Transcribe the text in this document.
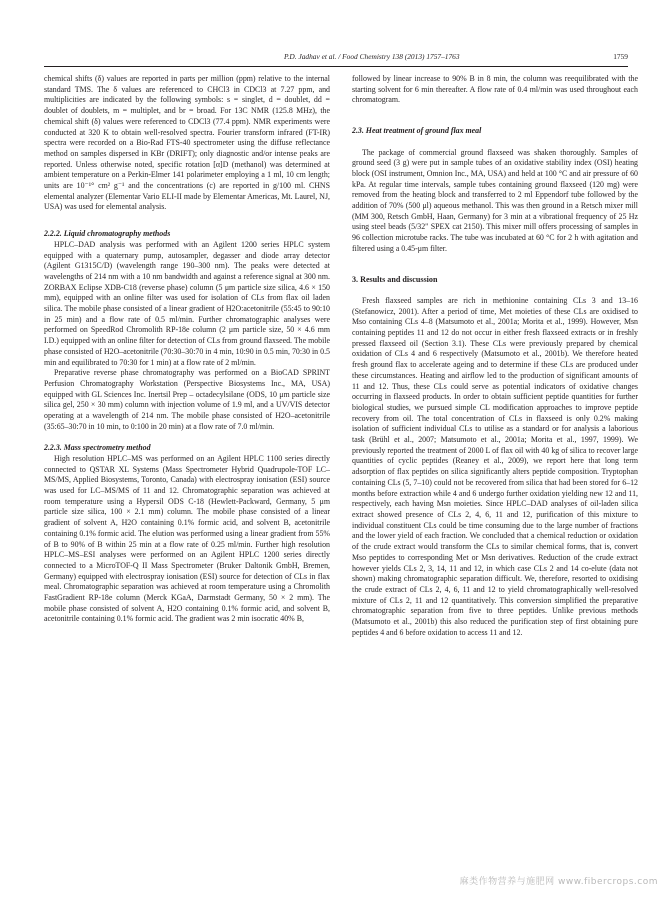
P.D. Jadhav et al. / Food Chemistry 138 (2013) 1757–1763	1759

chemical shifts (δ) values are reported in parts per million (ppm) relative to the internal standard TMS. The δ values are referenced to CHCl3 in CDCl3 at 7.27 ppm, and multiplicities are indicated by the following symbols: s = singlet, d = doublet, dd = doublet of doublets, m = multiplet, and br = broad. For 13C NMR (125.8 MHz), the chemical shift (δ) values were referenced to CDCl3 (77.4 ppm). NMR experiments were conducted at 320 K to obtain well-resolved spectra. Fourier transform infrared (FT-IR) spectra were recorded on a Bio-Rad FTS-40 spectrometer using the diffuse reflectance method on samples dispersed in KBr (DRIFT); only diagnostic and/or intense peaks are reported. Unless otherwise noted, specific rotation [α]D (methanol) was determined at ambient temperature on a Perkin-Elmer 141 polarimeter employing a 1 ml, 10 cm length; units are 10⁻¹° cm² g⁻¹ and the concentrations (c) are reported in g/100 ml. CHNS elemental analyzer (Elementar Vario ELI-II made by Elementar Americas, Mt. Laurel, NJ, USA) was used for elemental analysis.

2.2.2. Liquid chromatography methods

HPLC–DAD analysis was performed with an Agilent 1200 series HPLC system equipped with a quaternary pump, autosampler, degasser and diode array detector (Agilent G1315C/D) (wavelength range 190–300 nm). The peaks were detected at wavelengths of 214 nm with a 10 nm bandwidth and against a reference signal at 300 nm. ZORBAX Eclipse XDB-C18 (reverse phase) column (5 μm particle size silica, 4.6 × 150 mm), equipped with an online filter was used for isolation of CLs from flax oil laden silica. The mobile phase consisted of a linear gradient of H2O:acetonitrile (55:45 to 90:10 in 25 min) and a flow rate of 0.5 ml/min. Further chromatographic analyses were performed on SpeedRod Chromolith RP-18e column (2 μm particle size, 50 × 4.6 mm I.D.) equipped with an online filter for detection of CLs from ground flaxseed. The mobile phase consisted of H2O–acetonitrile (70:30–30:70 in 4 min, 10:90 in 0.5 min, 70:30 in 0.5 min and equilibrated to 70:30 for 1 min) at a flow rate of 2 ml/min.

Preparative reverse phase chromatography was performed on a BioCAD SPRINT Perfusion Chromatography Workstation (Perspective Biosystems Inc., MA, USA) equipped with GL Sciences Inc. Inertsil Prep – octadecylsilane (ODS, 10 μm particle size silica gel, 250 × 30 mm) column with injection volume of 1.9 ml, and a UV/VIS detector operating at a wavelength of 214 nm. The mobile phase consisted of H2O–acetonitrile (35:65–30:70 in 10 min, to 0:100 in 20 min) at a flow rate of 7.0 ml/min.

2.2.3. Mass spectrometry method

High resolution HPLC–MS was performed on an Agilent HPLC 1100 series directly connected to QSTAR XL Systems (Mass Spectrometer Hybrid Quadrupole-TOF LC–MS/MS, Applied Biosystems, Toronto, Canada) with electrospray ionisation (ESI) source was used for LC–MS/MS of 11 and 12. Chromatographic separation was achieved at room temperature using a Hypersil ODS C-18 (Hewlett-Packward, Germany, 5 μm particle size silica, 100 × 2.1 mm) column. The mobile phase consisted of a linear gradient of solvent A, H2O containing 0.1% formic acid, and solvent B, acetonitrile containing 0.1% formic acid. The elution was performed using a linear gradient from 55% of B to 90% of B within 25 min at a flow rate of 0.25 ml/min. Further high resolution HPLC–MS–ESI analyses were performed on an Agilent HPLC 1200 series directly connected to a MicroTOF-Q II Mass Spectrometer (Bruker Daltonik GmbH, Bremen, Germany) equipped with electrospray ionisation (ESI) source for detection of CLs in flax meal. Chromatographic separation was achieved at room temperature using a Chromolith FastGradient RP-18e column (Merck KGaA, Darmstadt Germany, 50 × 2 mm). The mobile phase consisted of solvent A, H2O containing 0.1% formic acid, and solvent B, acetonitrile containing 0.1% formic acid. The gradient was 2 min isocratic 40% B,

followed by linear increase to 90% B in 8 min, the column was reequilibrated with the starting solvent for 6 min thereafter. A flow rate of 0.4 ml/min was used throughout each chromatogram.

2.3. Heat treatment of ground flax meal

The package of commercial ground flaxseed was shaken thoroughly. Samples of ground seed (3 g) were put in sample tubes of an oxidative stability index (OSI) heating block (OSI instrument, Omnion Inc., MA, USA) and held at 100 °C and air pressure of 60 kPa. At regular time intervals, sample tubes containing ground flaxseed (120 mg) were removed from the heating block and transferred to 2 ml Eppendorf tube followed by the addition of 70% (500 μl) aqueous methanol. This was then ground in a Retsch mixer mill (MM 300, Retsch GmbH, Haan, Germany) for 3 min at a vibrational frequency of 25 Hz using steel beads (5/32" SPEX cat 2150). This mixer mill offers processing of samples in 96 collection microtube racks. The tube was incubated at 60 °C for 2 h with agitation and filtered using a 0.45-μm filter.

3. Results and discussion

Fresh flaxseed samples are rich in methionine containing CLs 3 and 13–16 (Stefanowicz, 2001). After a period of time, Met moieties of these CLs are oxidised to Mso containing CLs 4–8 (Matsumoto et al., 2001a; Morita et al., 1999). However, Msn containing peptides 11 and 12 do not occur in either fresh flaxseed extracts or in freshly pressed flaxseed oil (Section 3.1). These CLs were previously prepared by chemical oxidation of CLs 4 and 6 respectively (Matsumoto et al., 2001b). We therefore heated fresh ground flax to accelerate ageing and to determine if these CLs are produced under these circumstances. Heating and airflow led to the production of significant amounts of 11 and 12. Thus, these CLs could serve as potential indicators of oxidative changes occurring in flaxseed products. In order to obtain sufficient peptide quantities for further biological studies, we pursued simple CL modification approaches to improve peptide recovery from oil. The total concentration of CLs in flaxseed is only 0.2% making isolation of sufficient individual CLs to utilise as a standard or for analysis a laborious task (Brühl et al., 2007; Matsumoto et al., 2001a; Morita et al., 1997, 1999). We previously reported the treatment of 2000 L of flax oil with 40 kg of silica to recover large quantities of cyclic peptides (Reaney et al., 2009), we report here that long term adsorption of flax peptides on silica significantly alters peptide composition. Tryptophan containing CLs (5, 7–10) could not be recovered from silica that had been stored for 6–12 months before extraction while 4 and 6 undergo further oxidation yielding new 12 and 11, respectively, each having Msn moieties. Since HPLC–DAD analyses of oil-laden silica extract showed presence of CLs 2, 4, 6, 11 and 12, purification of this mixture to individual constituent CLs could be time consuming due to the large number of fractions and the lower yield of each fraction. We concluded that a chemical reduction or oxidation of the crude extract would transform the CLs to similar chemical forms, that is, convert Mso peptides to corresponding Met or Msn derivatives. Reduction of the crude extract however yields CLs 2, 3, 14, 11 and 12, in which case CLs 2 and 14 co-elute (data not shown) making chromatographic separation difficult. We, therefore, resorted to oxidising the crude extract of CLs 2, 4, 6, 11 and 12 to yield chromatographically well-resolved mixture of CLs 2, 11 and 12 quantitatively. This conversion simplified the preparative chromatographic separation from five to three peptides. Unlike previous methods (Matsumoto et al., 2001b) this also reduced the purification step of first obtaining pure peptides 4 and 6 before oxidation to access 11 and 12.

麻类作物营养与施肥网 www.fibercrops.com
